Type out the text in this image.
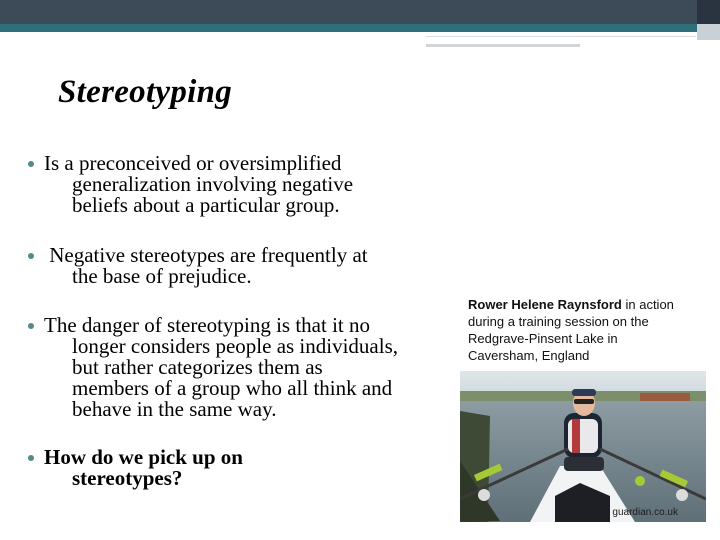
Stereotyping
Is a preconceived or oversimplified
generalization involving negative
beliefs about a particular group.
Negative stereotypes are frequently at
the base of prejudice.
The danger of stereotyping is that it no
longer considers people as individuals,
but rather categorizes them as
members of a group who all think and
behave in the same way.
How do we pick up on
stereotypes?
Rower Helene Raynsford in action
during a training session on the
Redgrave-Pinsent Lake in
Caversham, England
guardian.co.uk
